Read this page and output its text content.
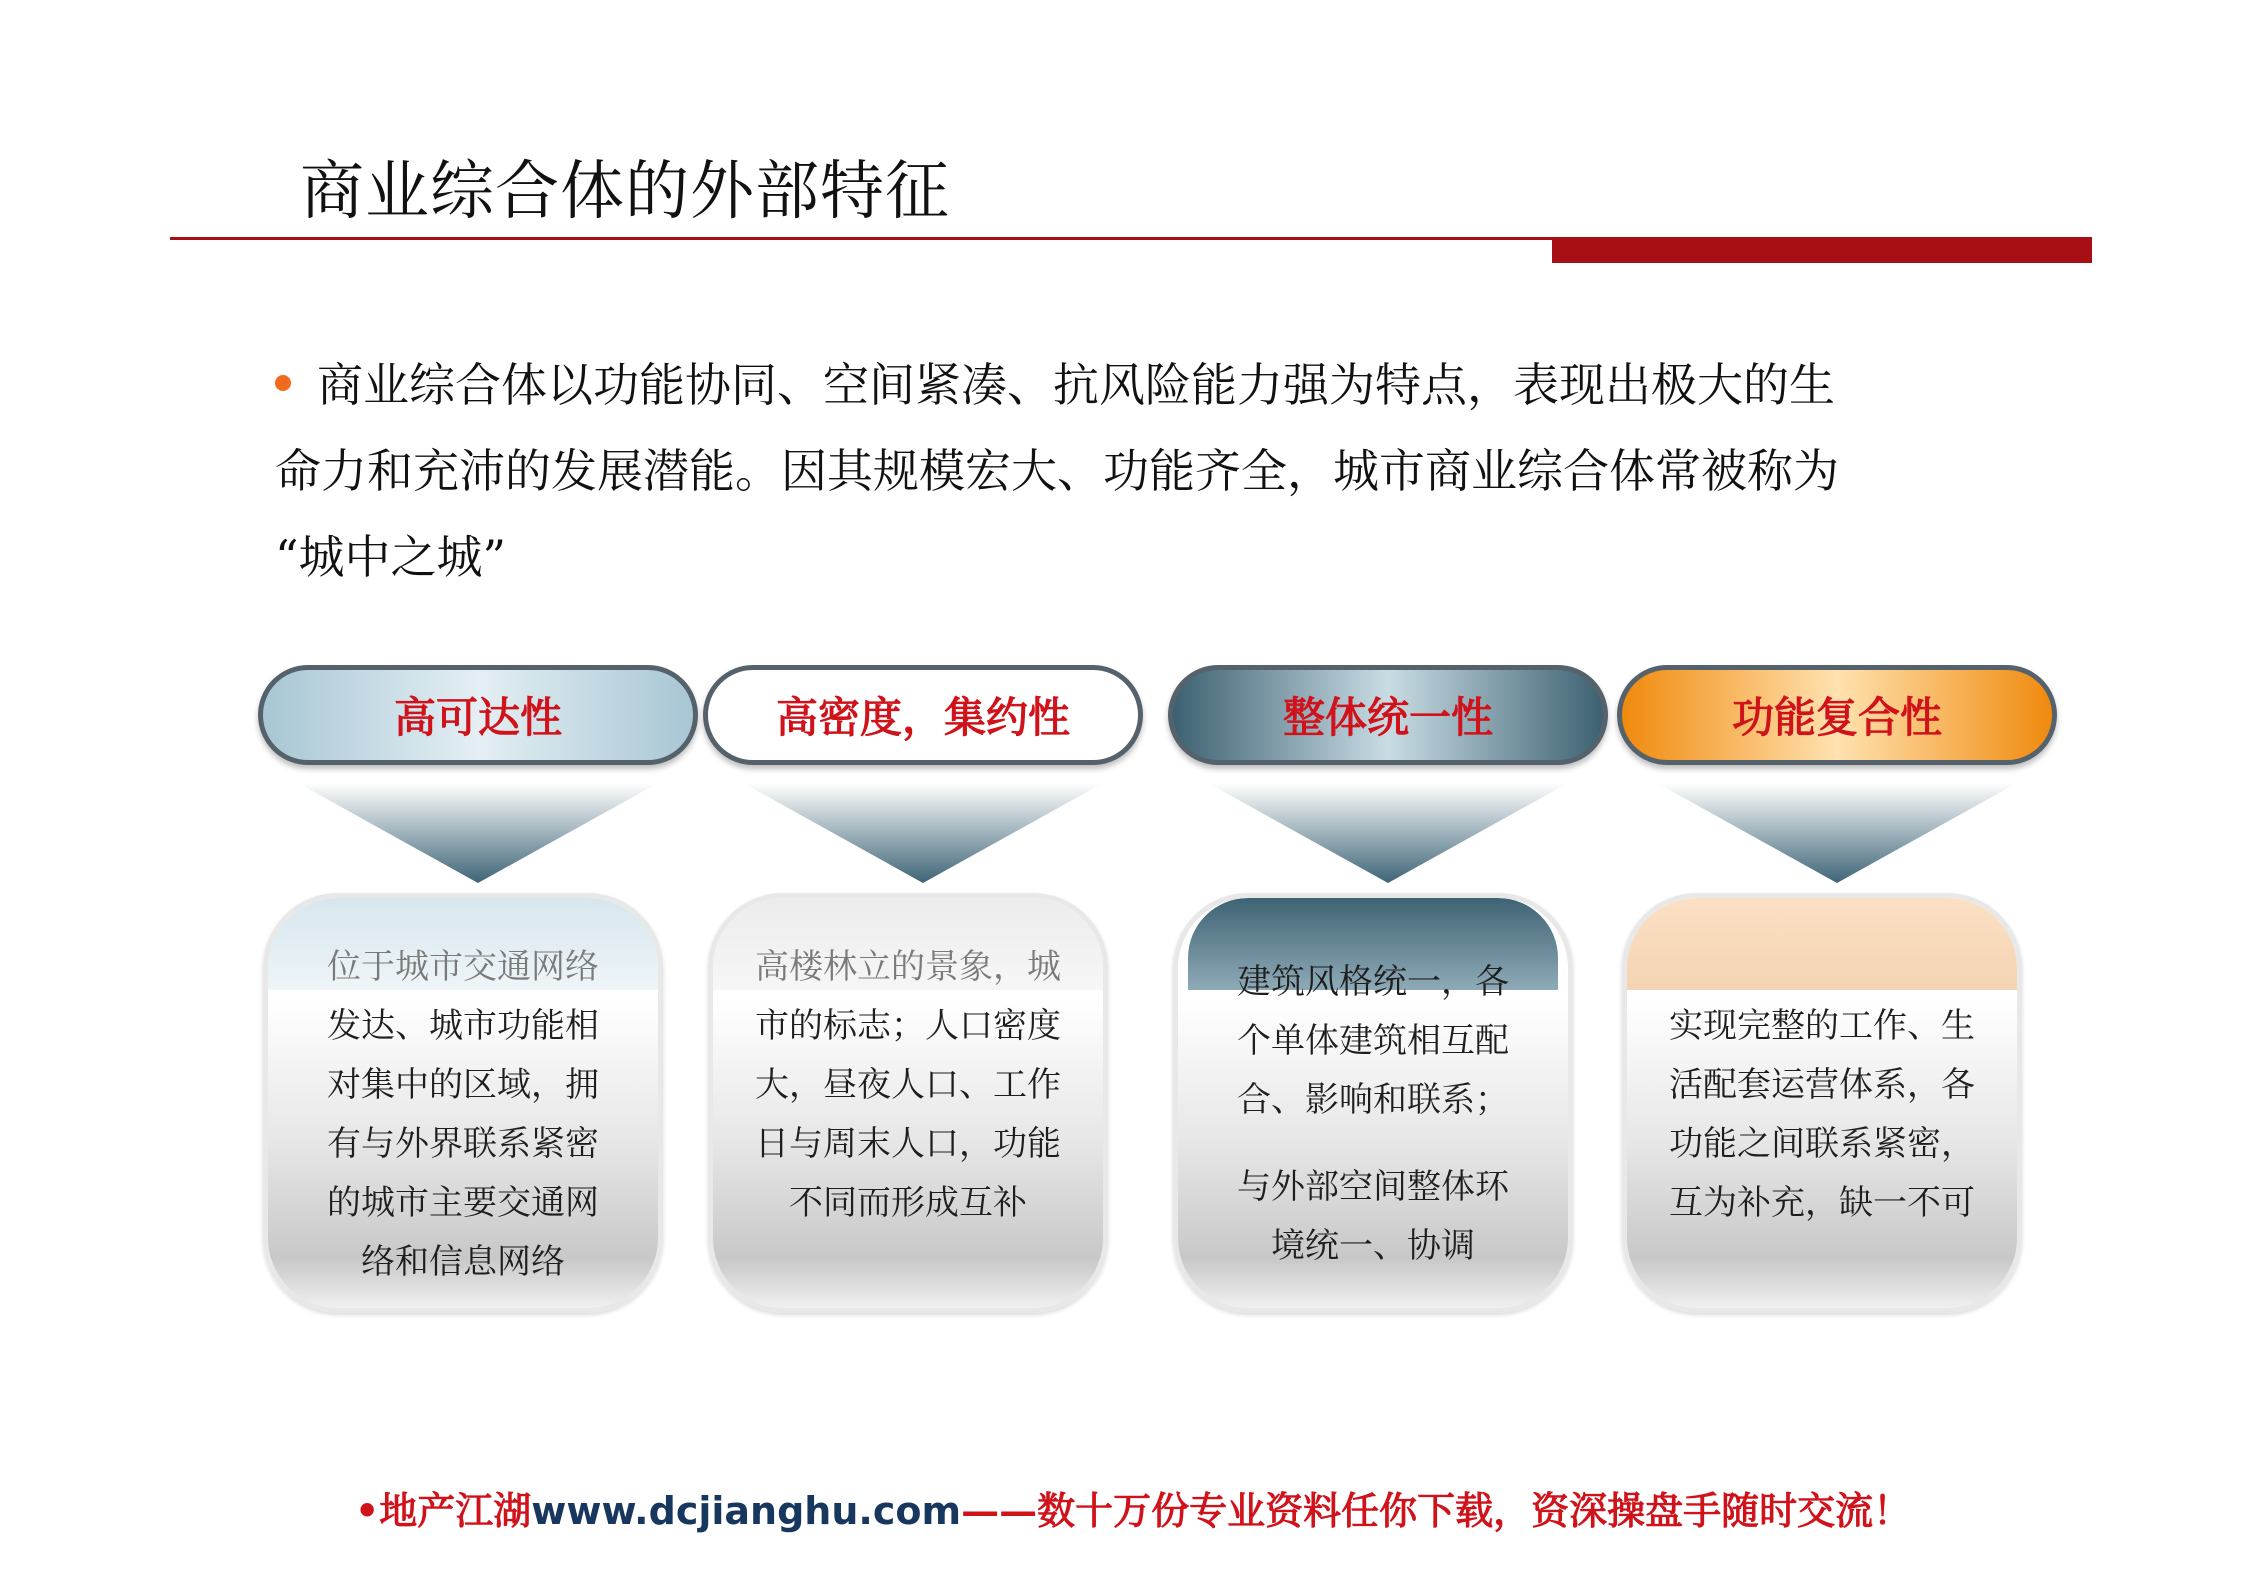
商业综合体的外部特征
商业综合体以功能协同、空间紧凑、抗风险能力强为特点，表现出极大的生
命力和充沛的发展潜能。因其规模宏大、功能齐全，城市商业综合体常被称为
“城中之城”
高可达性
位于城市交通网络
发达、城市功能相
对集中的区域，拥
有与外界联系紧密
的城市主要交通网
络和信息网络
高密度，集约性
高楼林立的景象，城
市的标志；人口密度
大，昼夜人口、工作
日与周末人口，功能
不同而形成互补
整体统一性
建筑风格统一，各
个单体建筑相互配
合、影响和联系；
与外部空间整体环
境统一、协调
功能复合性
实现完整的工作、生
活配套运营体系，各
功能之间联系紧密，
互为补充，缺一不可
•地产江湖www.dcjianghu.com——数十万份专业资料任你下载，资深操盘手随时交流！
